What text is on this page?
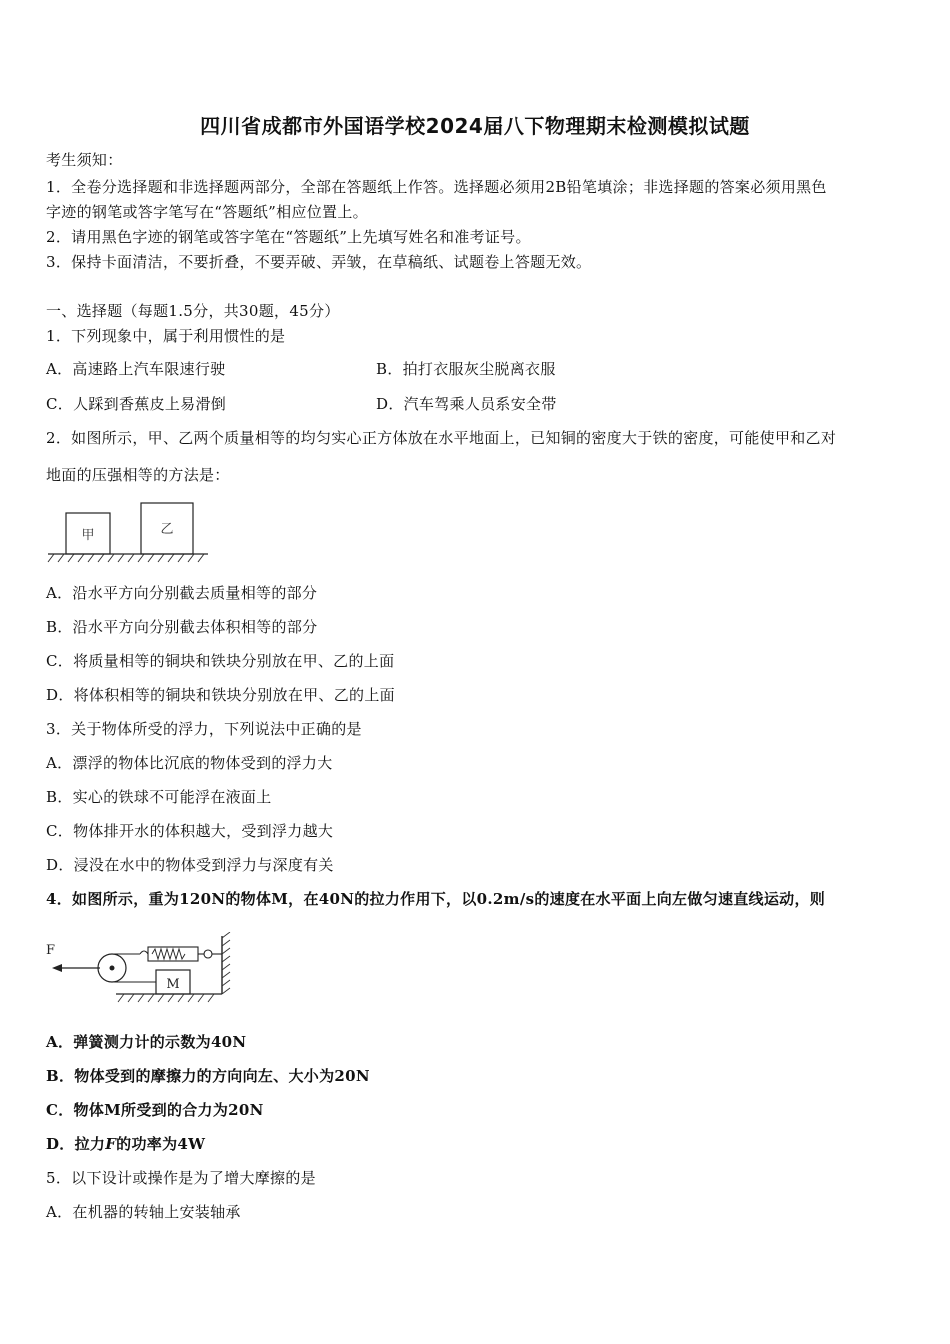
四川省成都市外国语学校2024届八下物理期末检测模拟试题
考生须知：
1．全卷分选择题和非选择题两部分，全部在答题纸上作答。选择题必须用2B铅笔填涂；非选择题的答案必须用黑色
字迹的钢笔或答字笔写在“答题纸”相应位置上。
2．请用黑色字迹的钢笔或答字笔在“答题纸”上先填写姓名和准考证号。
3．保持卡面清洁，不要折叠，不要弄破、弄皱，在草稿纸、试题卷上答题无效。
一、选择题（每题1.5分，共30题，45分）
1．下列现象中，属于利用惯性的是
A．高速路上汽车限速行驶	B．拍打衣服灰尘脱离衣服
C．人踩到香蕉皮上易滑倒	D．汽车驾乘人员系安全带
2．如图所示，甲、乙两个质量相等的均匀实心正方体放在水平地面上，已知铜的密度大于铁的密度，可能使甲和乙对
地面的压强相等的方法是：
甲	乙
A．沿水平方向分别截去质量相等的部分
B．沿水平方向分别截去体积相等的部分
C．将质量相等的铜块和铁块分别放在甲、乙的上面
D．将体积相等的铜块和铁块分别放在甲、乙的上面
3．关于物体所受的浮力，下列说法中正确的是
A．漂浮的物体比沉底的物体受到的浮力大
B．实心的铁球不可能浮在液面上
C．物体排开水的体积越大，受到浮力越大
D．浸没在水中的物体受到浮力与深度有关
4．如图所示，重为120N的物体M，在40N的拉力作用下，以0.2m/s的速度在水平面上向左做匀速直线运动，则
F
M
A．弹簧测力计的示数为40N
B．物体受到的摩擦力的方向向左、大小为20N
C．物体M所受到的合力为20N
D．拉力F的功率为4W
5．以下设计或操作是为了增大摩擦的是
A．在机器的转轴上安装轴承
